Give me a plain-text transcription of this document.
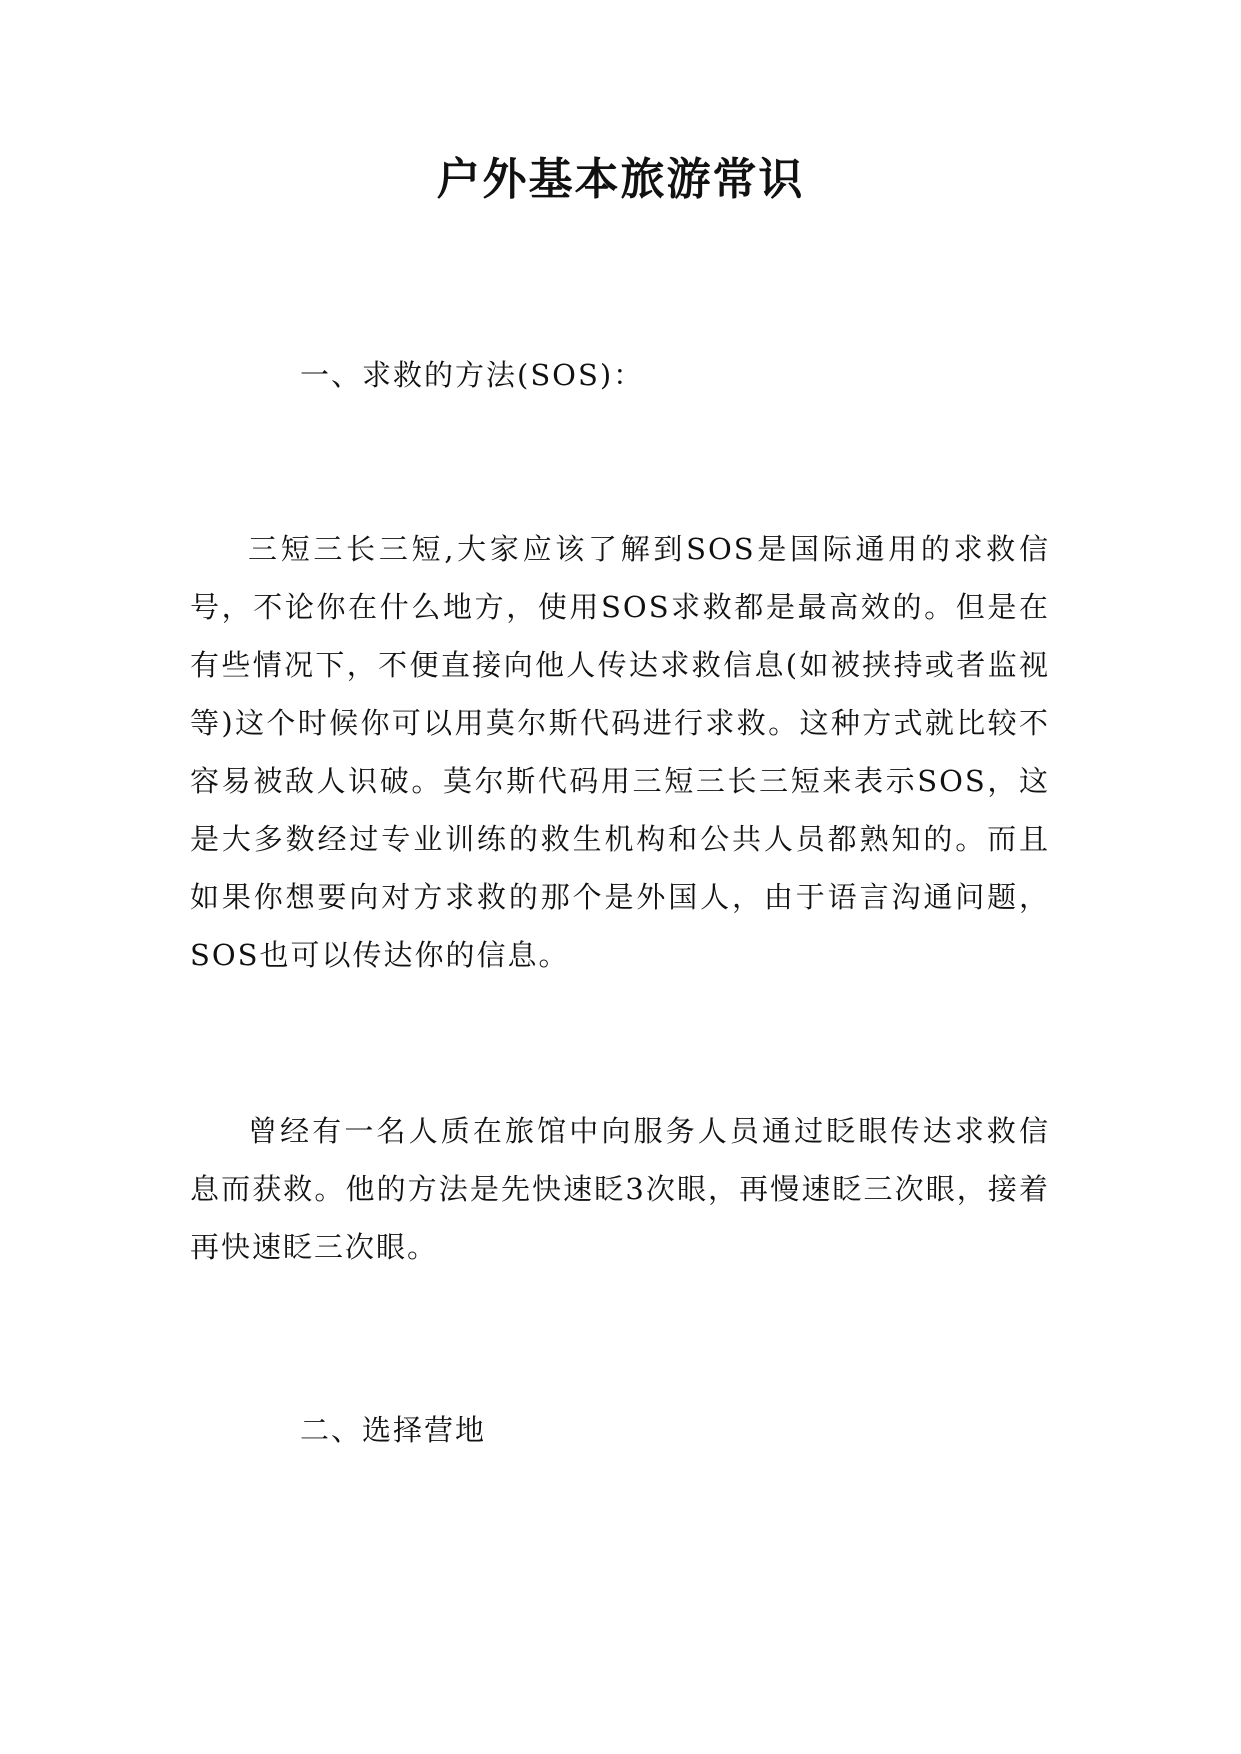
户外基本旅游常识
一、求救的方法(SOS)：

三短三长三短,大家应该了解到SOS是国际通用的求救信号，不论你在什么地方，使用SOS求救都是最高效的。但是在有些情况下，不便直接向他人传达求救信息(如被挟持或者监视等)这个时候你可以用莫尔斯代码进行求救。这种方式就比较不容易被敌人识破。莫尔斯代码用三短三长三短来表示SOS，这是大多数经过专业训练的救生机构和公共人员都熟知的。而且如果你想要向对方求救的那个是外国人，由于语言沟通问题，SOS也可以传达你的信息。

曾经有一名人质在旅馆中向服务人员通过眨眼传达求救信息而获救。他的方法是先快速眨3次眼，再慢速眨三次眼，接着再快速眨三次眼。

二、选择营地
